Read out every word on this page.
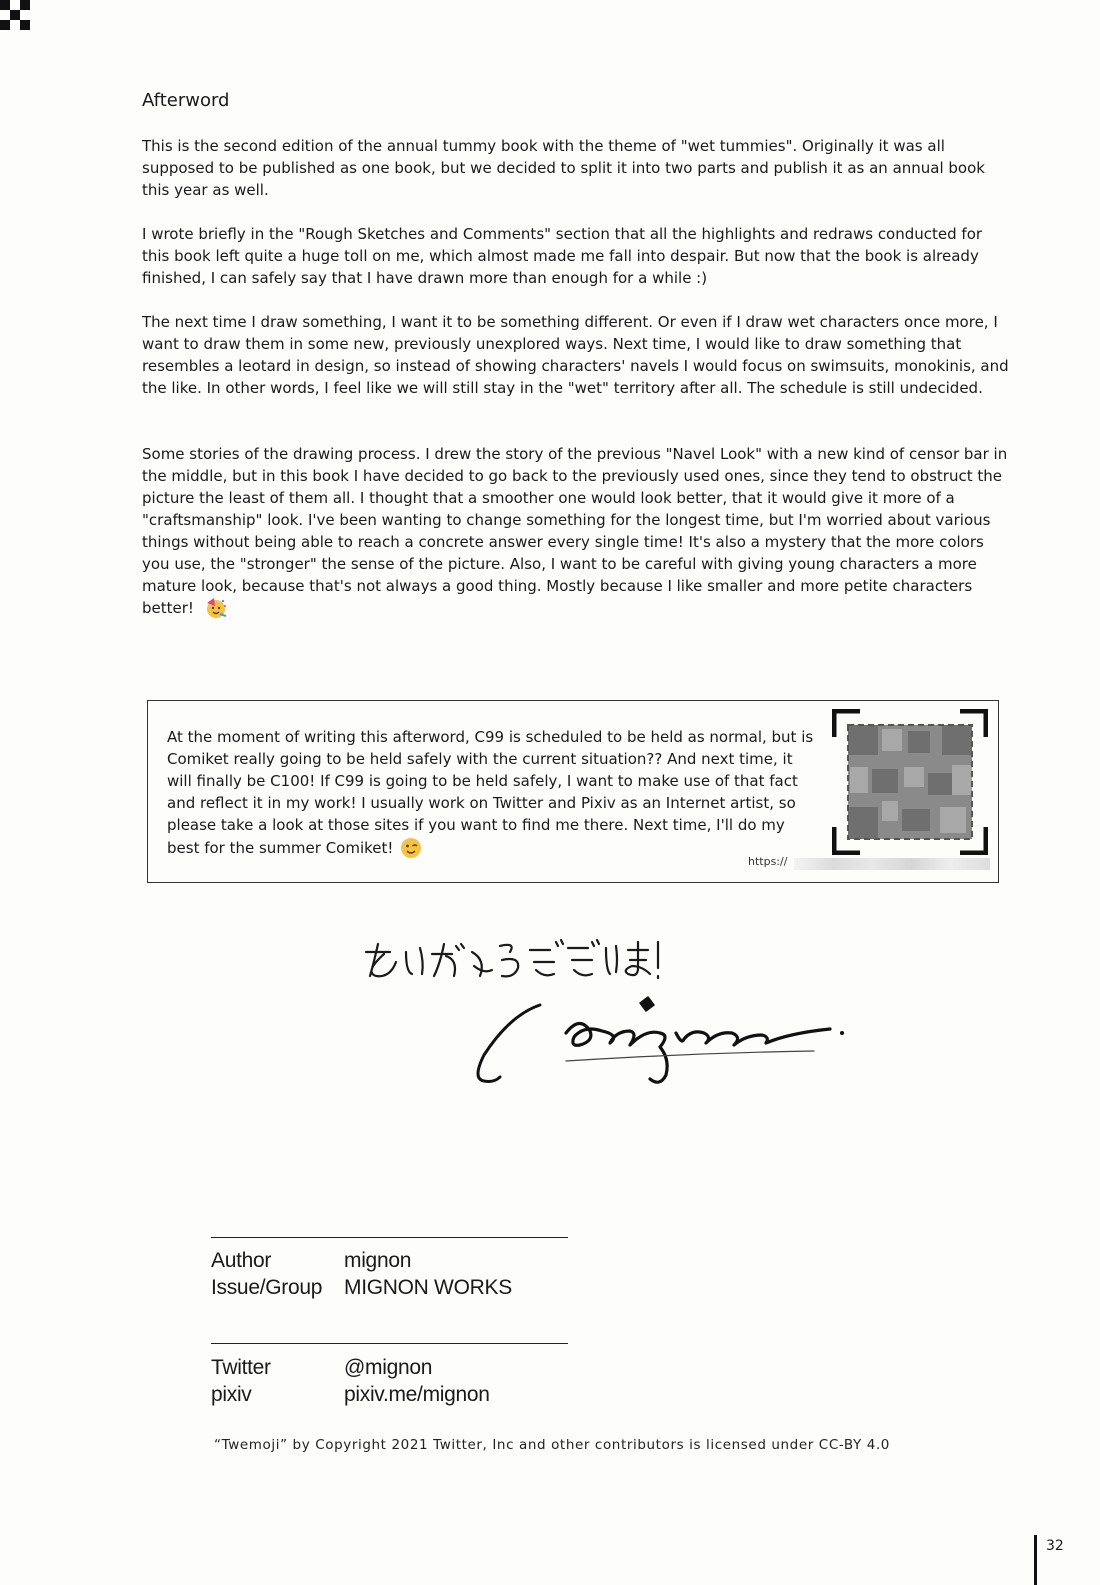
Afterword

This is the second edition of the annual tummy book with the theme of "wet tummies". Originally it was all supposed to be published as one book, but we decided to split it into two parts and publish it as an annual book this year as well.

I wrote briefly in the "Rough Sketches and Comments" section that all the highlights and redraws conducted for this book left quite a huge toll on me, which almost made me fall into despair. But now that the book is already finished, I can safely say that I have drawn more than enough for a while :)

The next time I draw something, I want it to be something different. Or even if I draw wet characters once more, I want to draw them in some new, previously unexplored ways. Next time, I would like to draw something that resembles a leotard in design, so instead of showing characters' navels I would focus on swimsuits, monokinis, and the like. In other words, I feel like we will still stay in the "wet" territory after all. The schedule is still undecided.

Some stories of the drawing process. I drew the story of the previous "Navel Look" with a new kind of censor bar in the middle, but in this book I have decided to go back to the previously used ones, since they tend to obstruct the picture the least of them all. I thought that a smoother one would look better, that it would give it more of a "craftsmanship" look. I've been wanting to change something for the longest time, but I'm worried about various things without being able to reach a concrete answer every single time! It's also a mystery that the more colors you use, the "stronger" the sense of the picture. Also, I want to be careful with giving young characters a more mature look, because that's not always a good thing. Mostly because I like smaller and more petite characters better!

At the moment of writing this afterword, C99 is scheduled to be held as normal, but is Comiket really going to be held safely with the current situation?? And next time, it will finally be C100! If C99 is going to be held safely, I want to make use of that fact and reflect it in my work! I usually work on Twitter and Pixiv as an Internet artist, so please take a look at those sites if you want to find me there. Next time, I'll do my best for the summer Comiket!

https://
Author	mignon
Issue/Group MIGNON WORKS
Twitter	@mignon
pixiv	pixiv.me/mignon
“Twemoji” by Copyright 2021 Twitter, Inc and other contributors is licensed under CC-BY 4.0
32
